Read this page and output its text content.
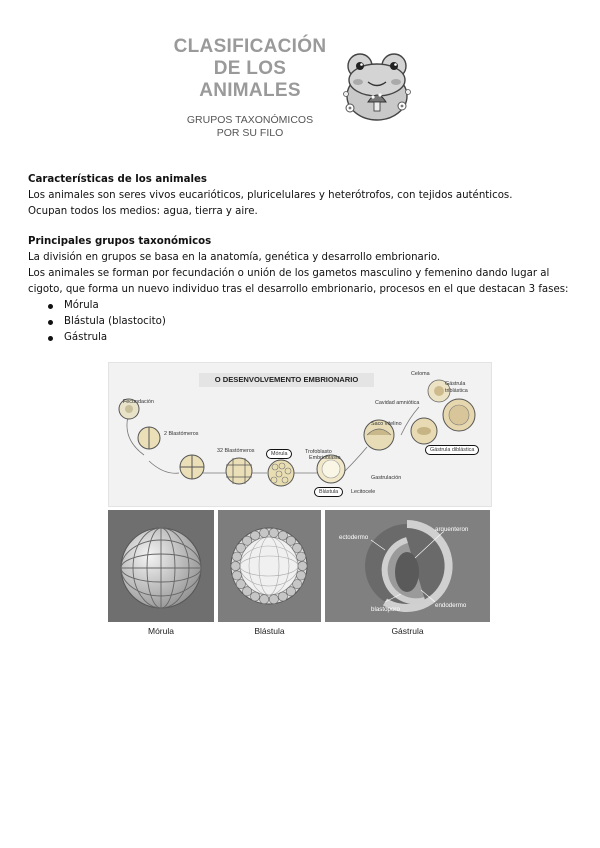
CLASIFICACIÓN
DE LOS
ANIMALES
GRUPOS TAXONÓMICOS
POR SU FILO
Características de los animales

Los animales son seres vivos eucarióticos, pluricelulares y heterótrofos, con tejidos auténticos.

Ocupan todos los medios: agua, tierra y aire.

Principales grupos taxonómicos

La división en grupos se basa en la anatomía, genética y desarrollo embrionario.

Los animales se forman por fecundación o unión de los gametos masculino y femenino dando lugar al cigoto, que forma un nuevo individuo tras el desarrollo embrionario, procesos en el que destacan 3 fases:

Mórula
Blástula (blastocito)
Gástrula
O DESENVOLVEMENTO EMBRIONARIO
Fecundación
2 Blastómeros
32 Blastómeros	Mórula	Trofoblasto
Embrioblasto
Blástula	Lecitocele
Gastrulación
Saco vitelino
Cavidad amniótica
Celoma
Gástrula triblástica
Gástrula diblástica
ectodermo
arquenteron
blastoporo
endodermo
Mórula	Blástula	Gástrula
